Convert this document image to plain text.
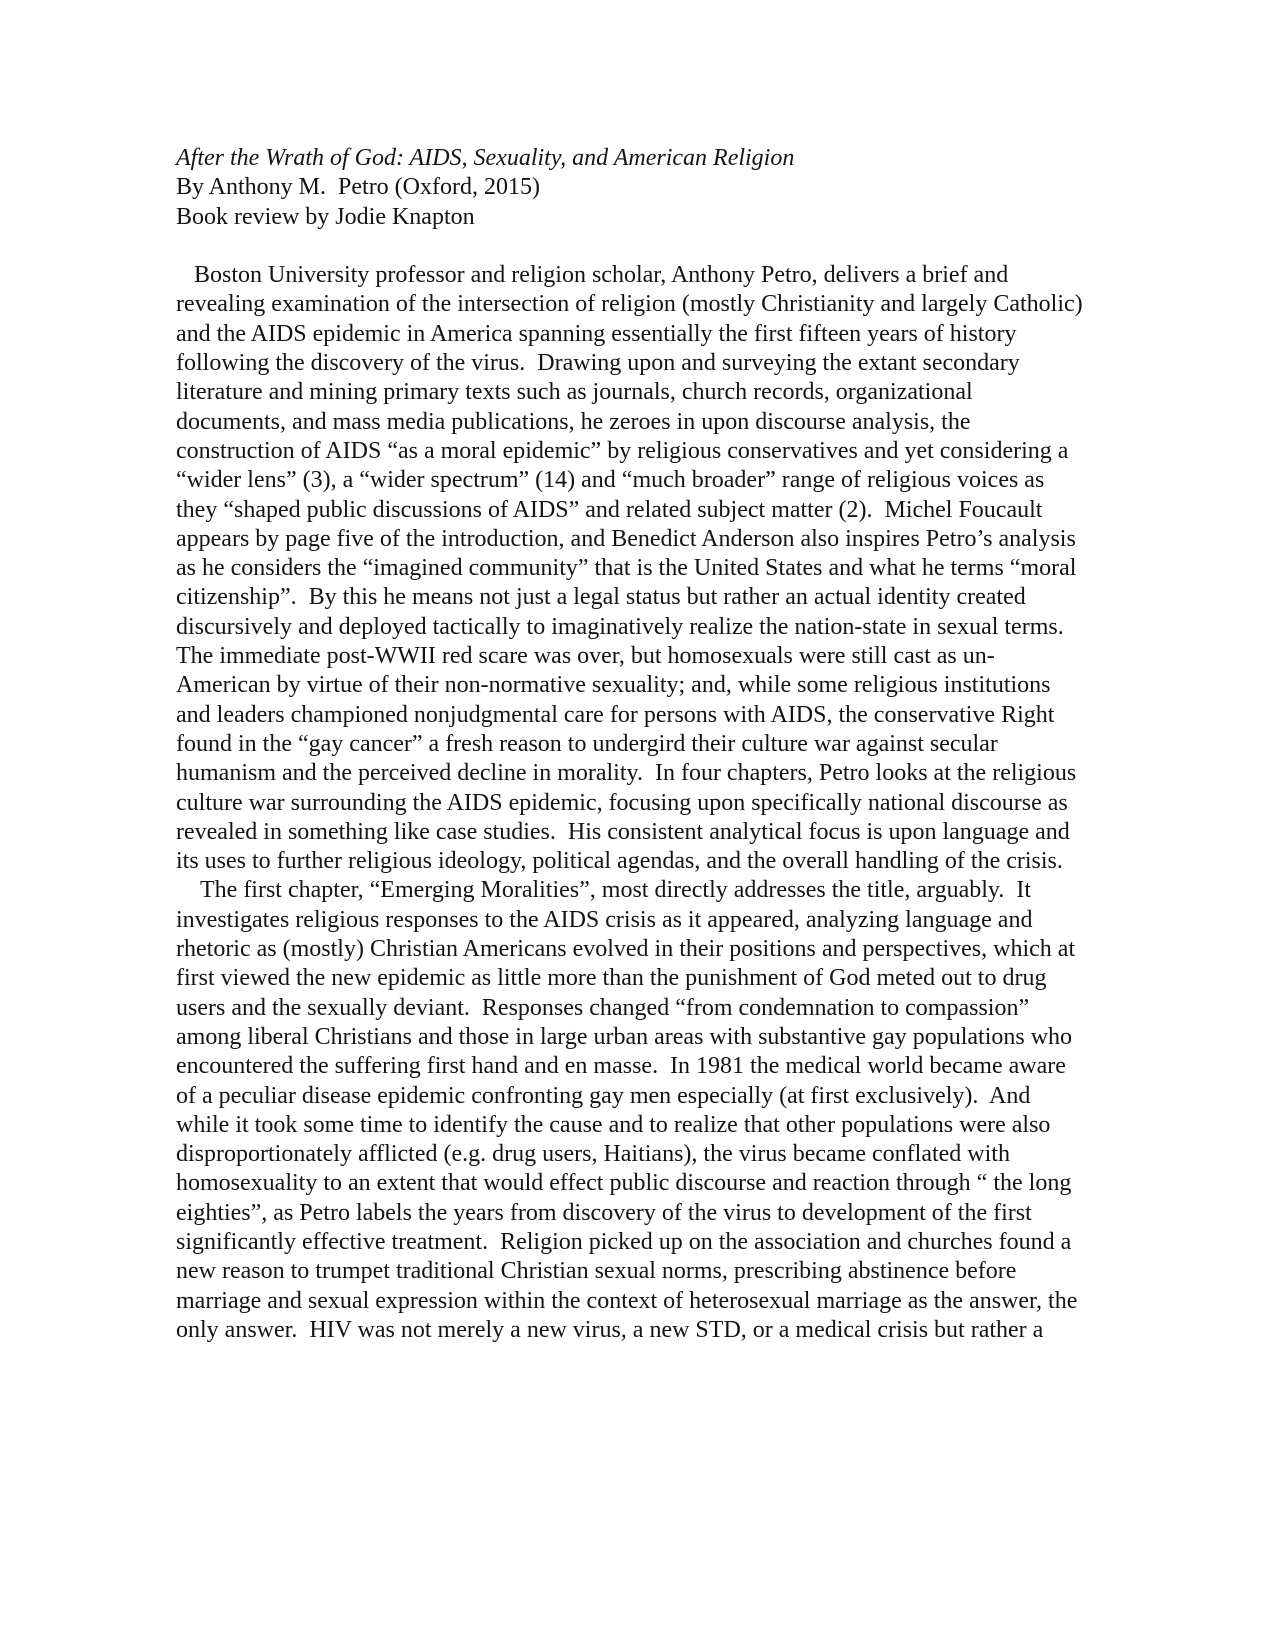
After the Wrath of God: AIDS, Sexuality, and American Religion

By Anthony M.  Petro (Oxford, 2015)

Book review by Jodie Knapton

Boston University professor and religion scholar, Anthony Petro, delivers a brief and revealing examination of the intersection of religion (mostly Christianity and largely Catholic) and the AIDS epidemic in America spanning essentially the first fifteen years of history following the discovery of the virus.  Drawing upon and surveying the extant secondary literature and mining primary texts such as journals, church records, organizational documents, and mass media publications, he zeroes in upon discourse analysis, the construction of AIDS “as a moral epidemic” by religious conservatives and yet considering a “wider lens” (3), a “wider spectrum” (14) and “much broader” range of religious voices as they “shaped public discussions of AIDS” and related subject matter (2).  Michel Foucault appears by page five of the introduction, and Benedict Anderson also inspires Petro’s analysis as he considers the “imagined community” that is the United States and what he terms “moral citizenship”.  By this he means not just a legal status but rather an actual identity created discursively and deployed tactically to imaginatively realize the nation-state in sexual terms.  The immediate post-WWII red scare was over, but homosexuals were still cast as un-American by virtue of their non-normative sexuality; and, while some religious institutions and leaders championed nonjudgmental care for persons with AIDS, the conservative Right found in the “gay cancer” a fresh reason to undergird their culture war against secular humanism and the perceived decline in morality.  In four chapters, Petro looks at the religious culture war surrounding the AIDS epidemic, focusing upon specifically national discourse as revealed in something like case studies.  His consistent analytical focus is upon language and its uses to further religious ideology, political agendas, and the overall handling of the crisis.

The first chapter, “Emerging Moralities”, most directly addresses the title, arguably.  It investigates religious responses to the AIDS crisis as it appeared, analyzing language and rhetoric as (mostly) Christian Americans evolved in their positions and perspectives, which at first viewed the new epidemic as little more than the punishment of God meted out to drug users and the sexually deviant.  Responses changed “from condemnation to compassion” among liberal Christians and those in large urban areas with substantive gay populations who encountered the suffering first hand and en masse.  In 1981 the medical world became aware of a peculiar disease epidemic confronting gay men especially (at first exclusively).  And while it took some time to identify the cause and to realize that other populations were also disproportionately afflicted (e.g. drug users, Haitians), the virus became conflated with homosexuality to an extent that would effect public discourse and reaction through “ the long eighties”, as Petro labels the years from discovery of the virus to development of the first significantly effective treatment.  Religion picked up on the association and churches found a new reason to trumpet traditional Christian sexual norms, prescribing abstinence before marriage and sexual expression within the context of heterosexual marriage as the answer, the only answer.  HIV was not merely a new virus, a new STD, or a medical crisis but rather a
